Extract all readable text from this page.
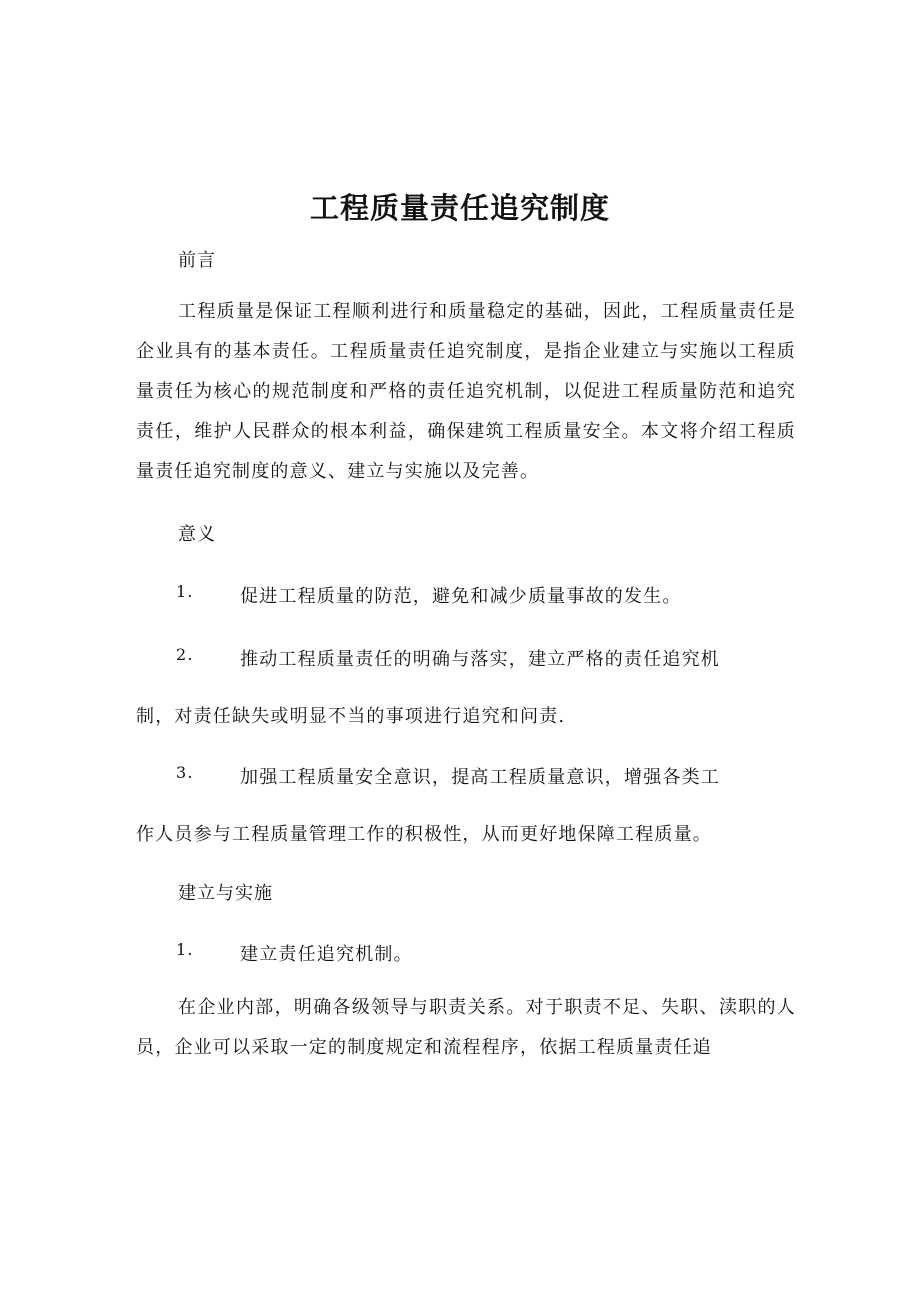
工程质量责任追究制度
前言
工程质量是保证工程顺利进行和质量稳定的基础，因此，工程质量责任是企业具有的基本责任。工程质量责任追究制度，是指企业建立与实施以工程质量责任为核心的规范制度和严格的责任追究机制，以促进工程质量防范和追究责任，维护人民群众的根本利益，确保建筑工程质量安全。本文将介绍工程质量责任追究制度的意义、建立与实施以及完善。
意义
1.	促进工程质量的防范，避免和减少质量事故的发生。
2.	推动工程质量责任的明确与落实，建立严格的责任追究机
制，对责任缺失或明显不当的事项进行追究和问责.
3.	加强工程质量安全意识，提高工程质量意识，增强各类工
作人员参与工程质量管理工作的积极性，从而更好地保障工程质量。
建立与实施
1.	建立责任追究机制。
在企业内部，明确各级领导与职责关系。对于职责不足、失职、渎职的人员，企业可以采取一定的制度规定和流程程序，依据工程质量责任追
